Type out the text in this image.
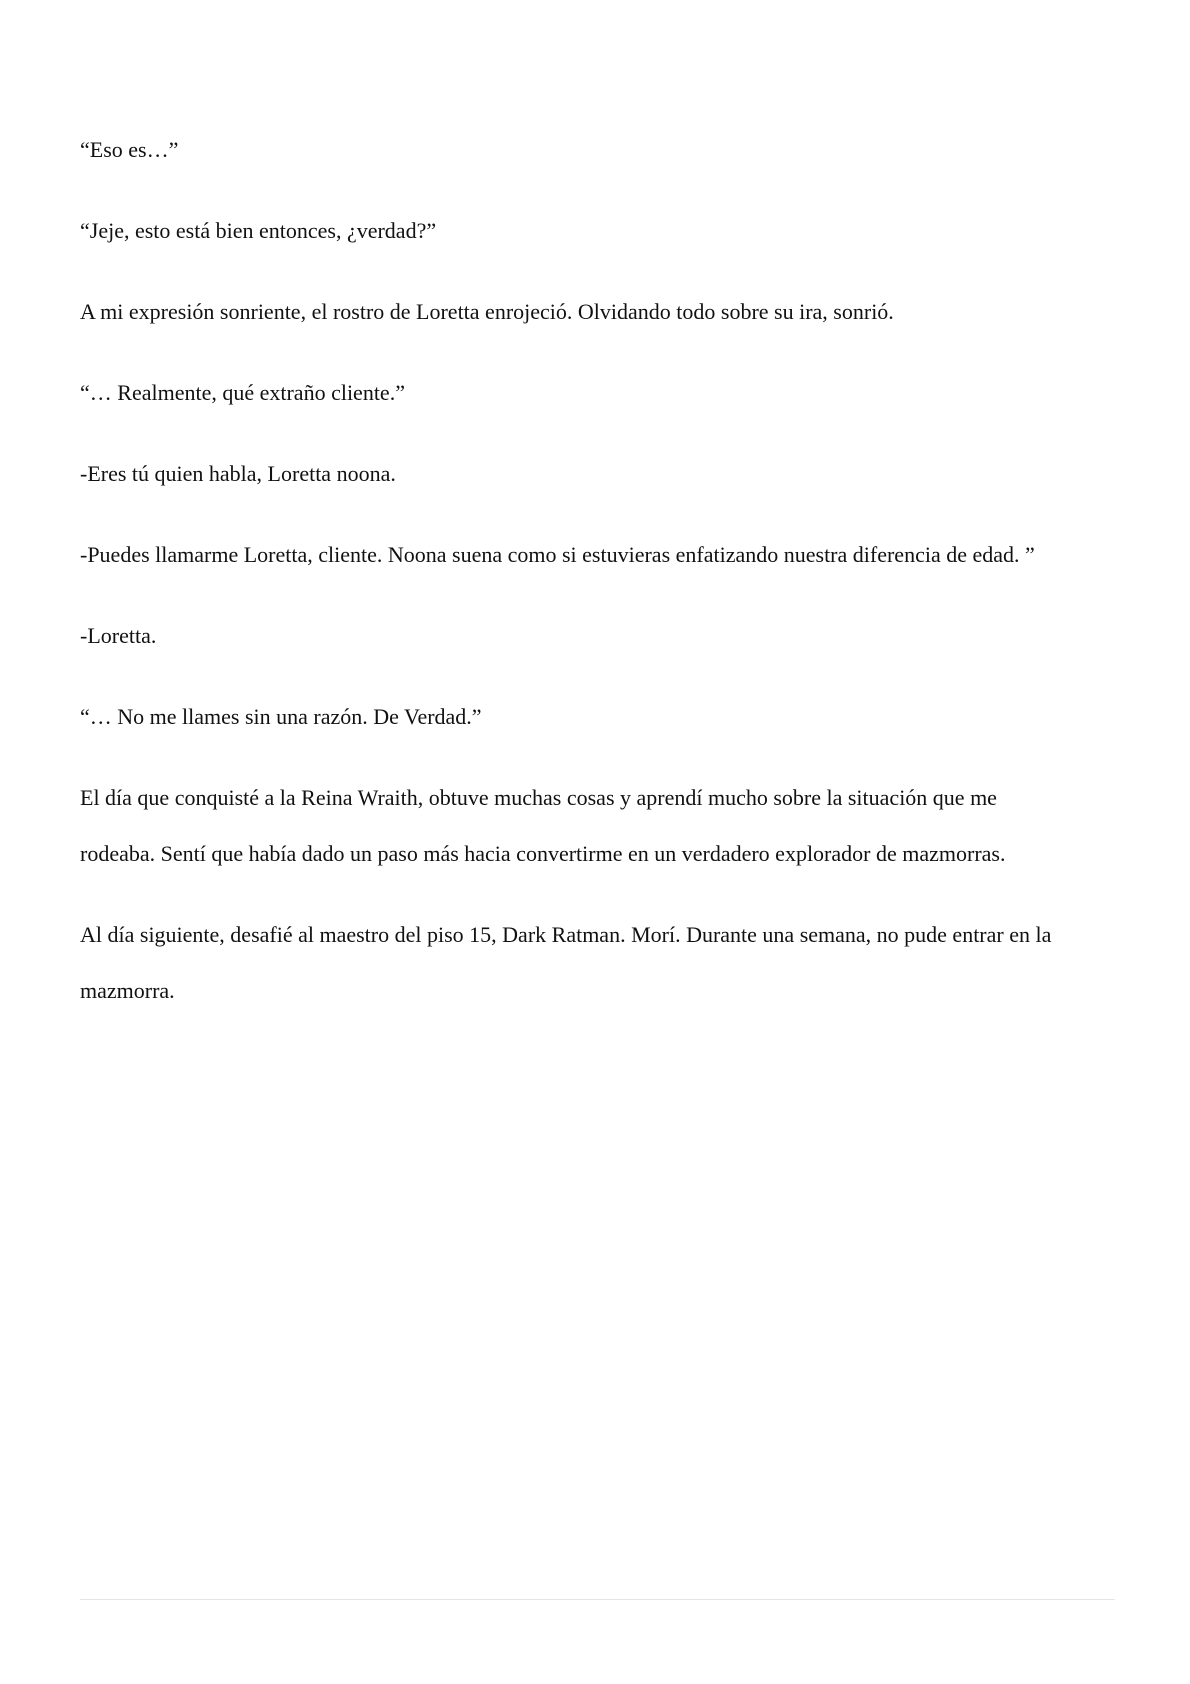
“Eso es…”

“Jeje, esto está bien entonces, ¿verdad?”

A mi expresión sonriente, el rostro de Loretta enrojeció. Olvidando todo sobre su ira, sonrió.

“… Realmente, qué extraño cliente.”

-Eres tú quien habla, Loretta noona.

-Puedes llamarme Loretta, cliente. Noona suena como si estuvieras enfatizando nuestra diferencia de edad. ”

-Loretta.

“… No me llames sin una razón. De Verdad.”

El día que conquisté a la Reina Wraith, obtuve muchas cosas y aprendí mucho sobre la situación que me rodeaba. Sentí que había dado un paso más hacia convertirme en un verdadero explorador de mazmorras.

Al día siguiente, desafié al maestro del piso 15, Dark Ratman. Morí. Durante una semana, no pude entrar en la mazmorra.
